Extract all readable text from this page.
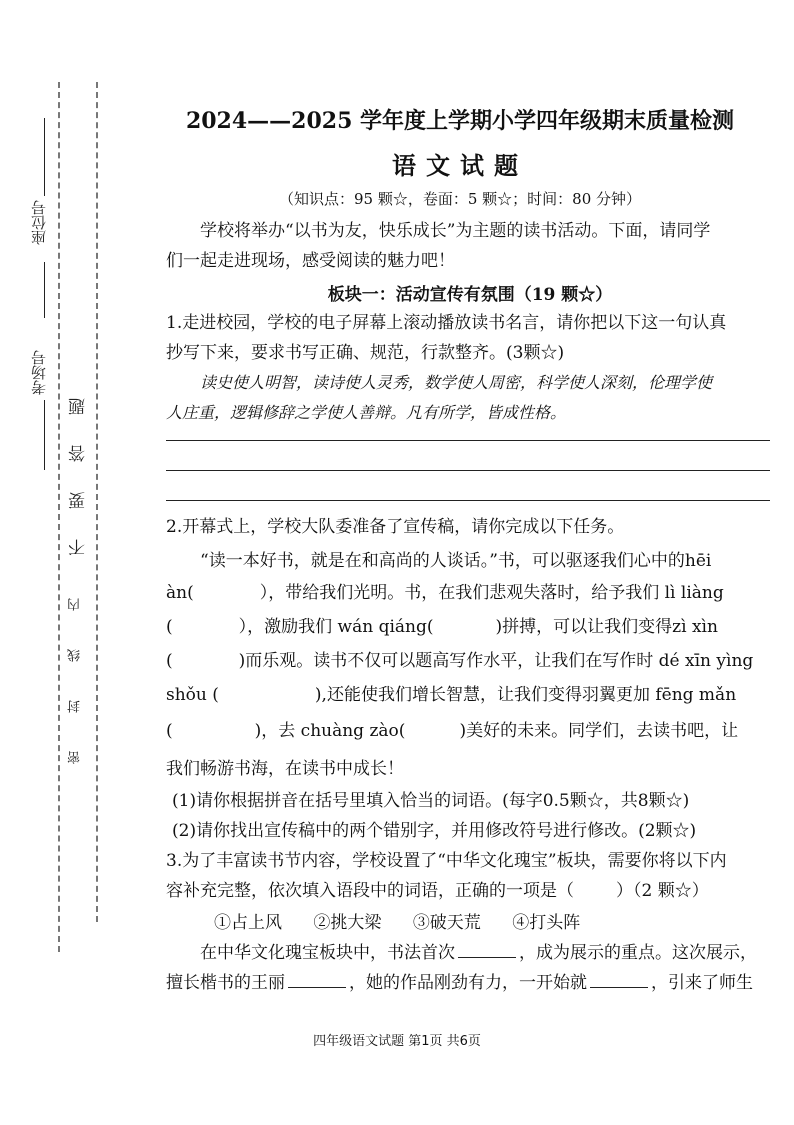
座位号
考场号 不要答题
密封线内
2024——2025 学年度上学期小学四年级期末质量检测
语文试题
（知识点：95 颗☆，卷面：5 颗☆；时间：80 分钟）
学校将举办“以书为友，快乐成长”为主题的读书活动。下面，请同学
们一起走进现场，感受阅读的魅力吧！
板块一：活动宣传有氛围（19 颗☆）
1.走进校园，学校的电子屏幕上滚动播放读书名言，请你把以下这一句认真
抄写下来，要求书写正确、规范，行款整齐。(3颗☆)
读史使人明智，读诗使人灵秀，数学使人周密，科学使人深刻，伦理学使
人庄重，逻辑修辞之学使人善辩。凡有所学，皆成性格。
2.开幕式上，学校大队委准备了宣传稿，请你完成以下任务。
“读一本好书，就是在和高尚的人谈话。”书，可以驱逐我们心中的hēi
àn(	），带给我们光明。书，在我们悲观失落时，给予我们 lì liàng
(	），激励我们 wán qiáng(	)拼搏，可以让我们变得zì xìn
(	)而乐观。读书不仅可以题高写作水平，让我们在写作时 dé xīn yìng
shǒu (	),还能使我们增长智慧，让我们变得羽翼更加 fēng mǎn
(	)，去 chuàng zào(	)美好的未来。同学们，去读书吧，让
我们畅游书海，在读书中成长！
(1)请你根据拼音在括号里填入恰当的词语。(每字0.5颗☆，共8颗☆)
(2)请你找出宣传稿中的两个错别字，并用修改符号进行修改。(2颗☆)
3.为了丰富读书节内容，学校设置了“中华文化瑰宝”板块，需要你将以下内
容补充完整，依次填入语段中的词语，正确的一项是（ ）（2 颗☆）
①占上风 ②挑大梁 ③破天荒 ④打头阵
在中华文化瑰宝板块中，书法首次	，成为展示的重点。这次展示，
擅长楷书的王丽	，她的作品刚劲有力，一开始就	，引来了师生
四年级语文试题 第1页 共6页
